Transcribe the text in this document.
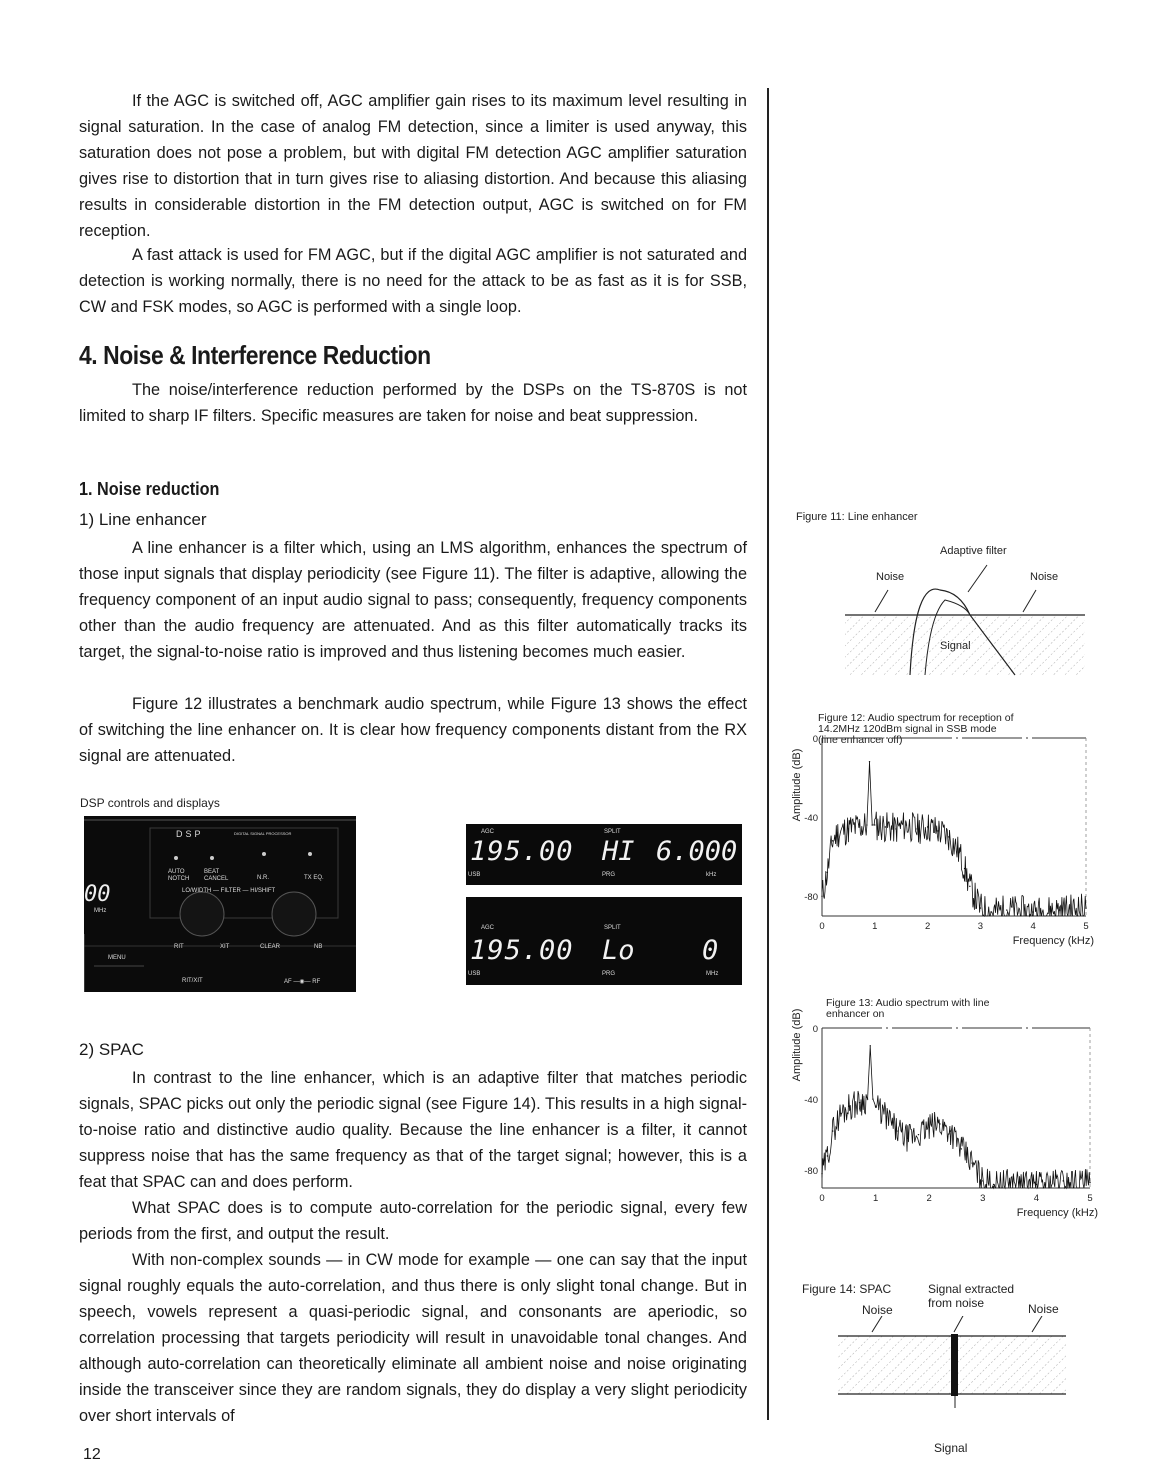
If the AGC is switched off, AGC amplifier gain rises to its maximum level resulting in signal saturation. In the case of analog FM detection, since a limiter is used anyway, this saturation does not pose a problem, but with digital FM detection AGC amplifier saturation gives rise to distortion that in turn gives rise to aliasing distortion. And because this aliasing results in considerable distortion in the FM detection output, AGC is switched on for FM reception.

A fast attack is used for FM AGC, but if the digital AGC amplifier is not saturated and detection is working normally, there is no need for the attack to be as fast as it is for SSB, CW and FSK modes, so AGC is performed with a single loop.

4. Noise & Interference Reduction

The noise/interference reduction performed by the DSPs on the TS-870S is not limited to sharp IF filters. Specific measures are taken for noise and beat suppression.

1. Noise reduction

1) Line enhancer

A line enhancer is a filter which, using an LMS algorithm, enhances the spectrum of those input signals that display periodicity (see Figure 11). The filter is adaptive, allowing the frequency component of an input audio signal to pass; consequently, frequency components other than the audio frequency are attenuated. And as this filter automatically tracks its target, the signal-to-noise ratio is improved and thus listening becomes much easier.

Figure 12 illustrates a benchmark audio spectrum, while Figure 13 shows the effect of switching the line enhancer on. It is clear how frequency components distant from the RX signal are attenuated.

DSP controls and displays
DSP	DIGITAL SIGNAL PROCESSOR
00
MHz
AUTO
NOTCH
BEAT
CANCEL	N.R.	TX EQ.
LO/WIDTH — FILTER — HI/SHIFT
RIT	XIT	CLEAR	NB
MENU
RIT/XIT	AF —◉— RF
AGC	SPLIT
195.00 HI 6.000
USB	PRG	kHz
AGC	SPLIT
195.00 Lo 0
USB	PRG	MHz

2) SPAC

In contrast to the line enhancer, which is an adaptive filter that matches periodic signals, SPAC picks out only the periodic signal (see Figure 14). This results in a high signal-to-noise ratio and distinctive audio quality. Because the line enhancer is a filter, it cannot suppress noise that has the same frequency as that of the target signal; however, this is a feat that SPAC can and does perform.

What SPAC does is to compute auto-correlation for the periodic signal, every few periods from the first, and output the result.

With non-complex sounds — in CW mode for example — one can say that the input signal roughly equals the auto-correlation, and thus there is only slight tonal change. But in speech, vowels represent a quasi-periodic signal, and consonants are aperiodic, so correlation processing that targets periodicity will result in unavoidable tonal changes. And although auto-correlation can theoretically eliminate all ambient noise and noise originating inside the transceiver since they are random signals, they do display a very slight periodicity over short intervals of

12
Figure 11: Line enhancer
Adaptive filter
Noise	Noise
Figure 12: Audio spectrum for reception of
14.2MHz 120dBm signal in SSB mode
(line enhancer off)
Amplitude (dB)
0
-40
-80
0	1	2	3	4	5
Frequency (kHz)
Figure 13: Audio spectrum with line
enhancer on
Amplitude (dB) 0
-40
-80
0	1	2	3	4	5
Frequency (kHz)
Figure 14: SPAC	Signal extracted
from noise
Noise	Noise
Signal
